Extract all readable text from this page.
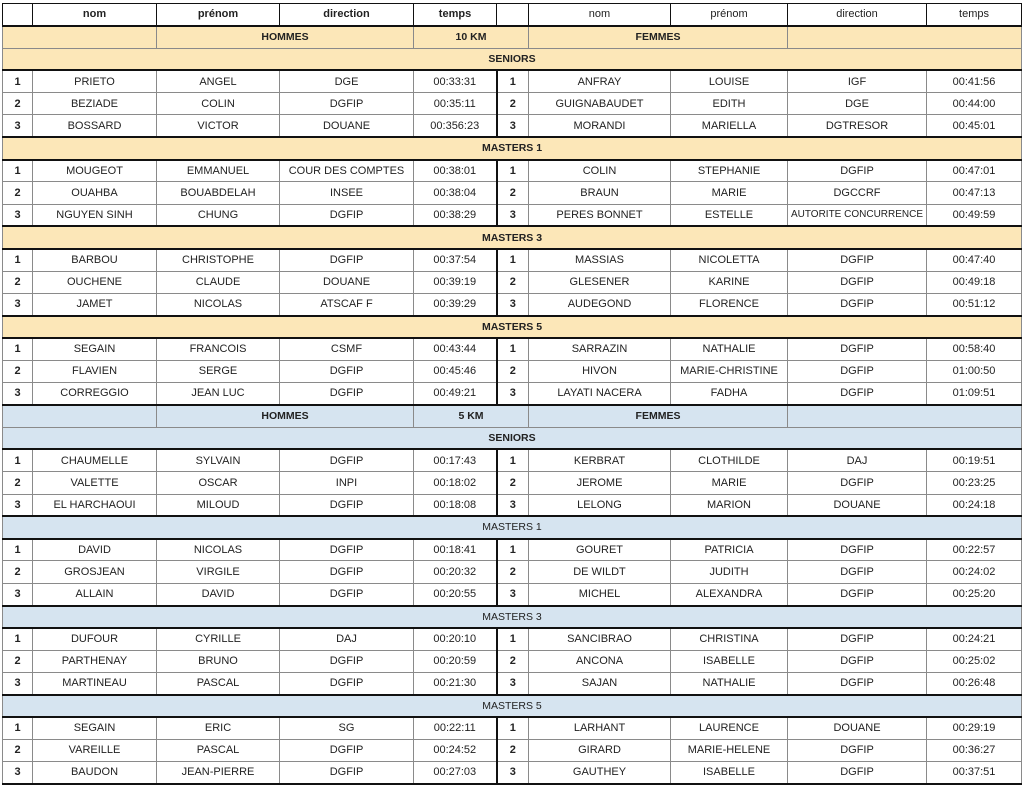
	nom	prénom	direction	temps		nom	prénom	direction	temps
		HOMMES		10 KM		FEMMES			
SENIORS									
1	PRIETO	ANGEL	DGE	00:33:31	1	ANFRAY	LOUISE	IGF	00:41:56
2	BEZIADE	COLIN	DGFIP	00:35:11	2	GUIGNABAUDET	EDITH	DGE	00:44:00
3	BOSSARD	VICTOR	DOUANE	00:356:23	3	MORANDI	MARIELLA	DGTRESOR	00:45:01
MASTERS 1									
1	MOUGEOT	EMMANUEL	COUR DES COMPTES	00:38:01	1	COLIN	STEPHANIE	DGFIP	00:47:01
2	OUAHBA	BOUABDELAH	INSEE	00:38:04	2	BRAUN	MARIE	DGCCRF	00:47:13
3	NGUYEN SINH	CHUNG	DGFIP	00:38:29	3	PERES BONNET	ESTELLE	AUTORITE CONCURRENCE	00:49:59
MASTERS 3									
1	BARBOU	CHRISTOPHE	DGFIP	00:37:54	1	MASSIAS	NICOLETTA	DGFIP	00:47:40
2	OUCHENE	CLAUDE	DOUANE	00:39:19	2	GLESENER	KARINE	DGFIP	00:49:18
3	JAMET	NICOLAS	ATSCAF F	00:39:29	3	AUDEGOND	FLORENCE	DGFIP	00:51:12
MASTERS 5									
1	SEGAIN	FRANCOIS	CSMF	00:43:44	1	SARRAZIN	NATHALIE	DGFIP	00:58:40
2	FLAVIEN	SERGE	DGFIP	00:45:46	2	HIVON	MARIE-CHRISTINE	DGFIP	01:00:50
3	CORREGGIO	JEAN LUC	DGFIP	00:49:21	3	LAYATI NACERA	FADHA	DGFIP	01:09:51
		HOMMES		5 KM		FEMMES			
SENIORS									
1	CHAUMELLE	SYLVAIN	DGFIP	00:17:43	1	KERBRAT	CLOTHILDE	DAJ	00:19:51
2	VALETTE	OSCAR	INPI	00:18:02	2	JEROME	MARIE	DGFIP	00:23:25
3	EL HARCHAOUI	MILOUD	DGFIP	00:18:08	3	LELONG	MARION	DOUANE	00:24:18
MASTERS 1									
1	DAVID	NICOLAS	DGFIP	00:18:41	1	GOURET	PATRICIA	DGFIP	00:22:57
2	GROSJEAN	VIRGILE	DGFIP	00:20:32	2	DE WILDT	JUDITH	DGFIP	00:24:02
3	ALLAIN	DAVID	DGFIP	00:20:55	3	MICHEL	ALEXANDRA	DGFIP	00:25:20
MASTERS 3									
1	DUFOUR	CYRILLE	DAJ	00:20:10	1	SANCIBRAO	CHRISTINA	DGFIP	00:24:21
2	PARTHENAY	BRUNO	DGFIP	00:20:59	2	ANCONA	ISABELLE	DGFIP	00:25:02
3	MARTINEAU	PASCAL	DGFIP	00:21:30	3	SAJAN	NATHALIE	DGFIP	00:26:48
MASTERS 5									
1	SEGAIN	ERIC	SG	00:22:11	1	LARHANT	LAURENCE	DOUANE	00:29:19
2	VAREILLE	PASCAL	DGFIP	00:24:52	2	GIRARD	MARIE-HELENE	DGFIP	00:36:27
3	BAUDON	JEAN-PIERRE	DGFIP	00:27:03	3	GAUTHEY	ISABELLE	DGFIP	00:37:51
